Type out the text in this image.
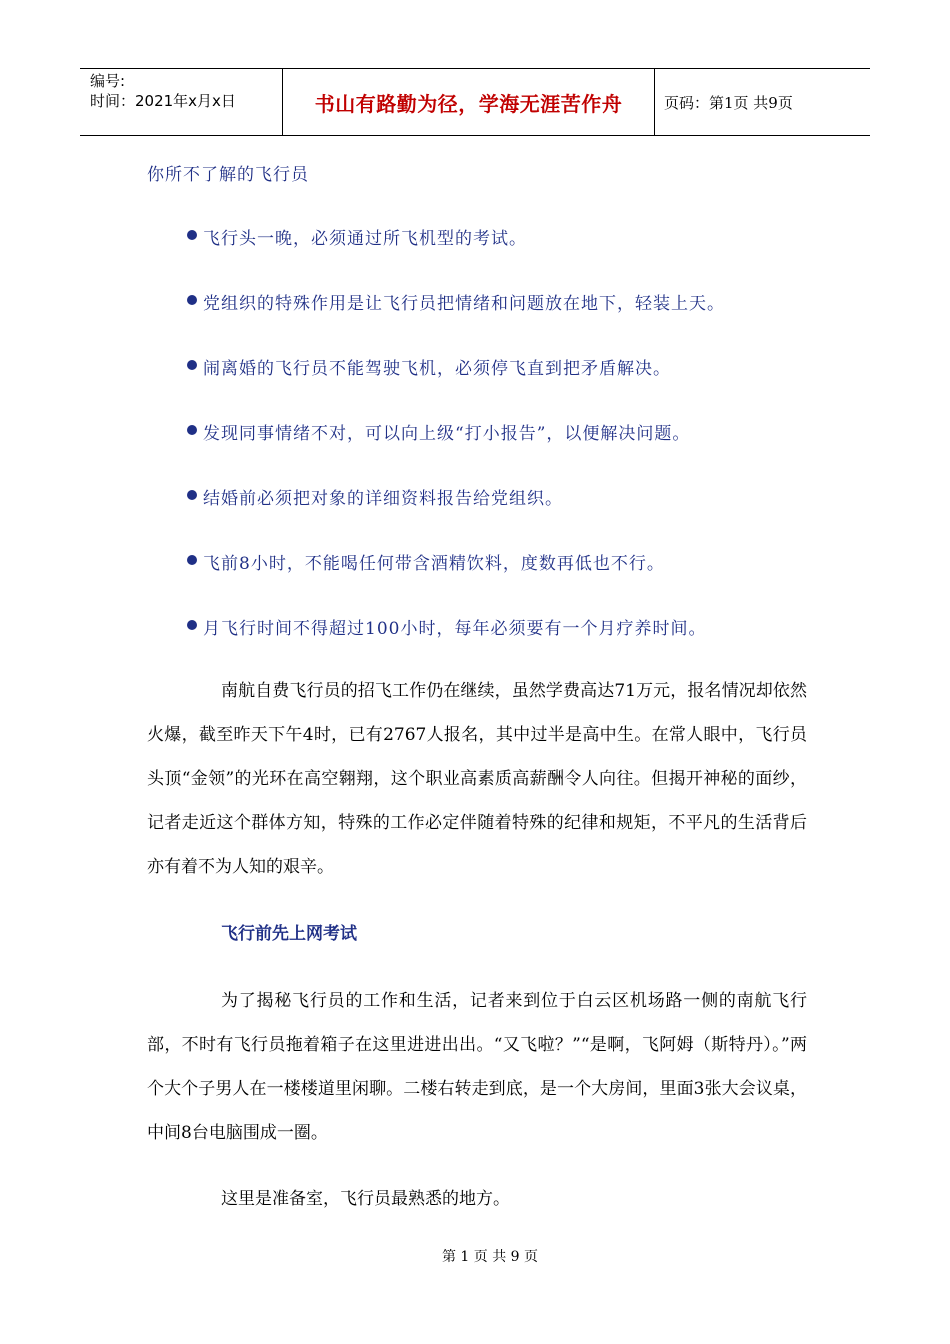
编号:
时间：2021年x月x日	书山有路勤为径，学海无涯苦作舟	页码：第1页 共9页
你所不了解的飞行员
飞行头一晚，必须通过所飞机型的考试。
党组织的特殊作用是让飞行员把情绪和问题放在地下，轻装上天。
闹离婚的飞行员不能驾驶飞机，必须停飞直到把矛盾解决。
发现同事情绪不对，可以向上级“打小报告”，以便解决问题。
结婚前必须把对象的详细资料报告给党组织。
飞前8小时，不能喝任何带含酒精饮料，度数再低也不行。
月飞行时间不得超过100小时，每年必须要有一个月疗养时间。

南航自费飞行员的招飞工作仍在继续，虽然学费高达71万元，报名情况却依然火爆，截至昨天下午4时，已有2767人报名，其中过半是高中生。在常人眼中，飞行员头顶“金领”的光环在高空翱翔，这个职业高素质高薪酬令人向往。但揭开神秘的面纱，记者走近这个群体方知，特殊的工作必定伴随着特殊的纪律和规矩，不平凡的生活背后亦有着不为人知的艰辛。

飞行前先上网考试

为了揭秘飞行员的工作和生活，记者来到位于白云区机场路一侧的南航飞行部，不时有飞行员拖着箱子在这里进进出出。“又飞啦？”“是啊，飞阿姆（斯特丹）。”两个大个子男人在一楼楼道里闲聊。二楼右转走到底，是一个大房间，里面3张大会议桌，中间8台电脑围成一圈。

这里是准备室，飞行员最熟悉的地方。

第 1 页 共 9 页
